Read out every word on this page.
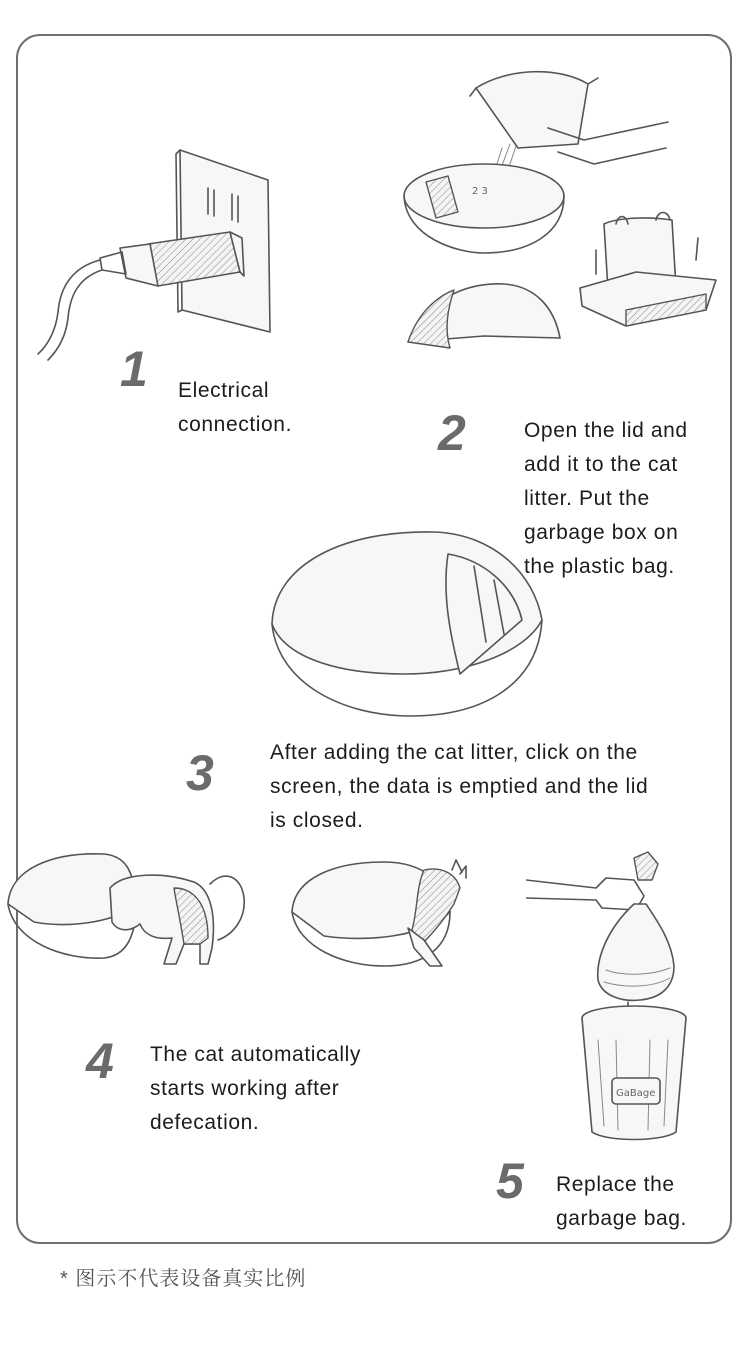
1 Electrical
connection.
2 3
2	Open the lid and
add it to the cat
litter. Put the
garbage box on
the plastic bag.
3	After adding the cat litter, click on the
screen, the data is emptied and the lid
is closed.
4 The cat automatically
starts working after
defecation.
GaBage
5 Replace the
garbage bag.
* 图示不代表设备真实比例
